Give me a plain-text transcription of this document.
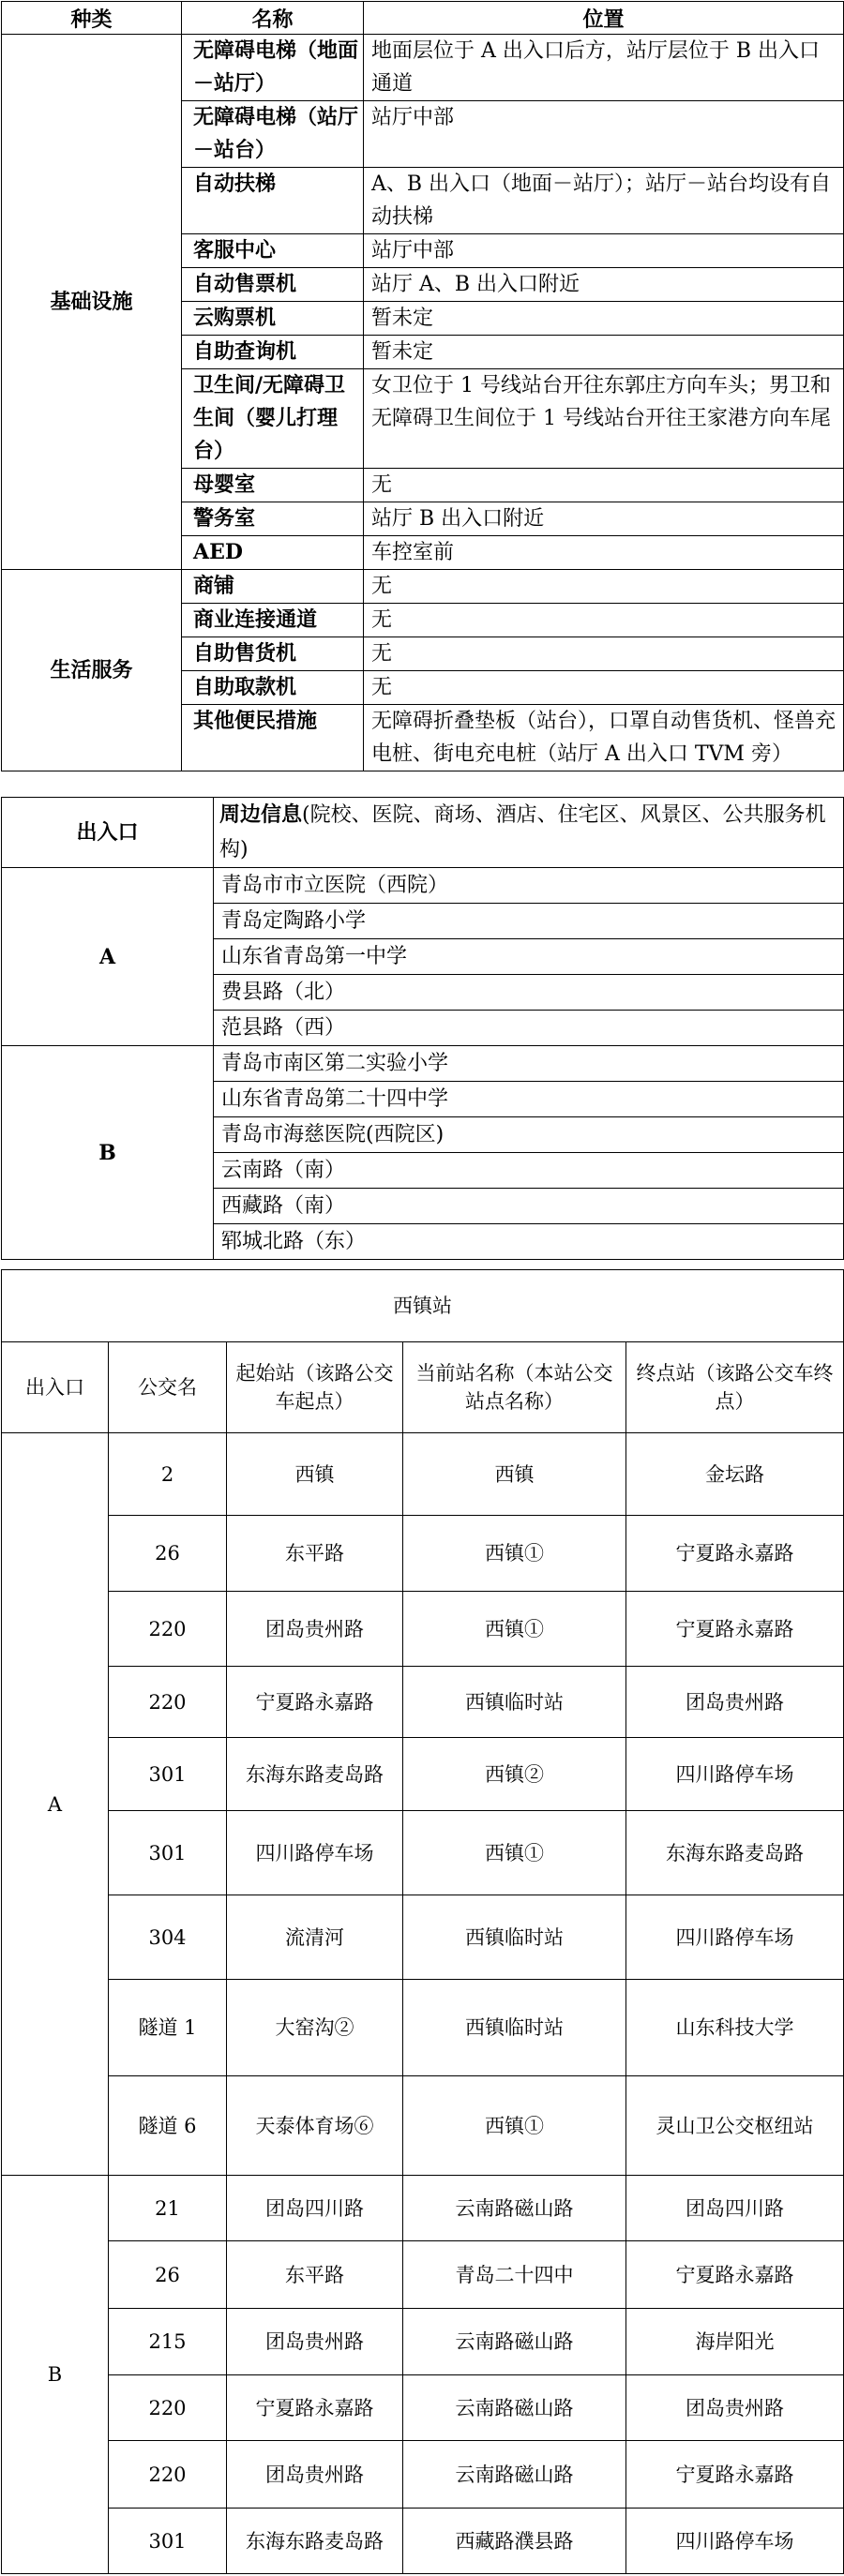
种类	名称	位置
基础设施	无障碍电梯（地面－站厅）	地面层位于 A 出入口后方，站厅层位于 B 出入口通道
	无障碍电梯（站厅－站台）	站厅中部
	自动扶梯	A、B 出入口（地面－站厅）；站厅－站台均设有自动扶梯
	客服中心	站厅中部
	自动售票机	站厅 A、B 出入口附近
	云购票机	暂未定
	自助查询机	暂未定
	卫生间/无障碍卫生间（婴儿打理台）	女卫位于 1 号线站台开往东郭庄方向车头；男卫和无障碍卫生间位于 1 号线站台开往王家港方向车尾
	母婴室	无
	警务室	站厅 B 出入口附近
	AED	车控室前
生活服务	商铺	无
	商业连接通道	无
	自助售货机	无
	自助取款机	无
	其他便民措施	无障碍折叠垫板（站台），口罩自动售货机、怪兽充电桩、街电充电桩（站厅 A 出入口 TVM 旁）
出入口	周边信息(院校、医院、商场、酒店、住宅区、风景区、公共服务机构)
A	青岛市市立医院（西院）
	青岛定陶路小学
	山东省青岛第一中学
	费县路（北）
	范县路（西）
B	青岛市南区第二实验小学
	山东省青岛第二十四中学
	青岛市海慈医院(西院区)
	云南路（南）
	西藏路（南）
	郓城北路（东）
西镇站				
出入口	公交名	起始站（该路公交车起点）	当前站名称（本站公交站点名称）	终点站（该路公交车终点）
A	2	西镇	西镇	金坛路
	26	东平路	西镇①	宁夏路永嘉路
	220	团岛贵州路	西镇①	宁夏路永嘉路
	220	宁夏路永嘉路	西镇临时站	团岛贵州路
	301	东海东路麦岛路	西镇②	四川路停车场
	301	四川路停车场	西镇①	东海东路麦岛路
	304	流清河	西镇临时站	四川路停车场
	隧道 1	大窑沟②	西镇临时站	山东科技大学
	隧道 6	天泰体育场⑥	西镇①	灵山卫公交枢纽站
B	21	团岛四川路	云南路磁山路	团岛四川路
	26	东平路	青岛二十四中	宁夏路永嘉路
	215	团岛贵州路	云南路磁山路	海岸阳光
	220	宁夏路永嘉路	云南路磁山路	团岛贵州路
	220	团岛贵州路	云南路磁山路	宁夏路永嘉路
	301	东海东路麦岛路	西藏路濮县路	四川路停车场
